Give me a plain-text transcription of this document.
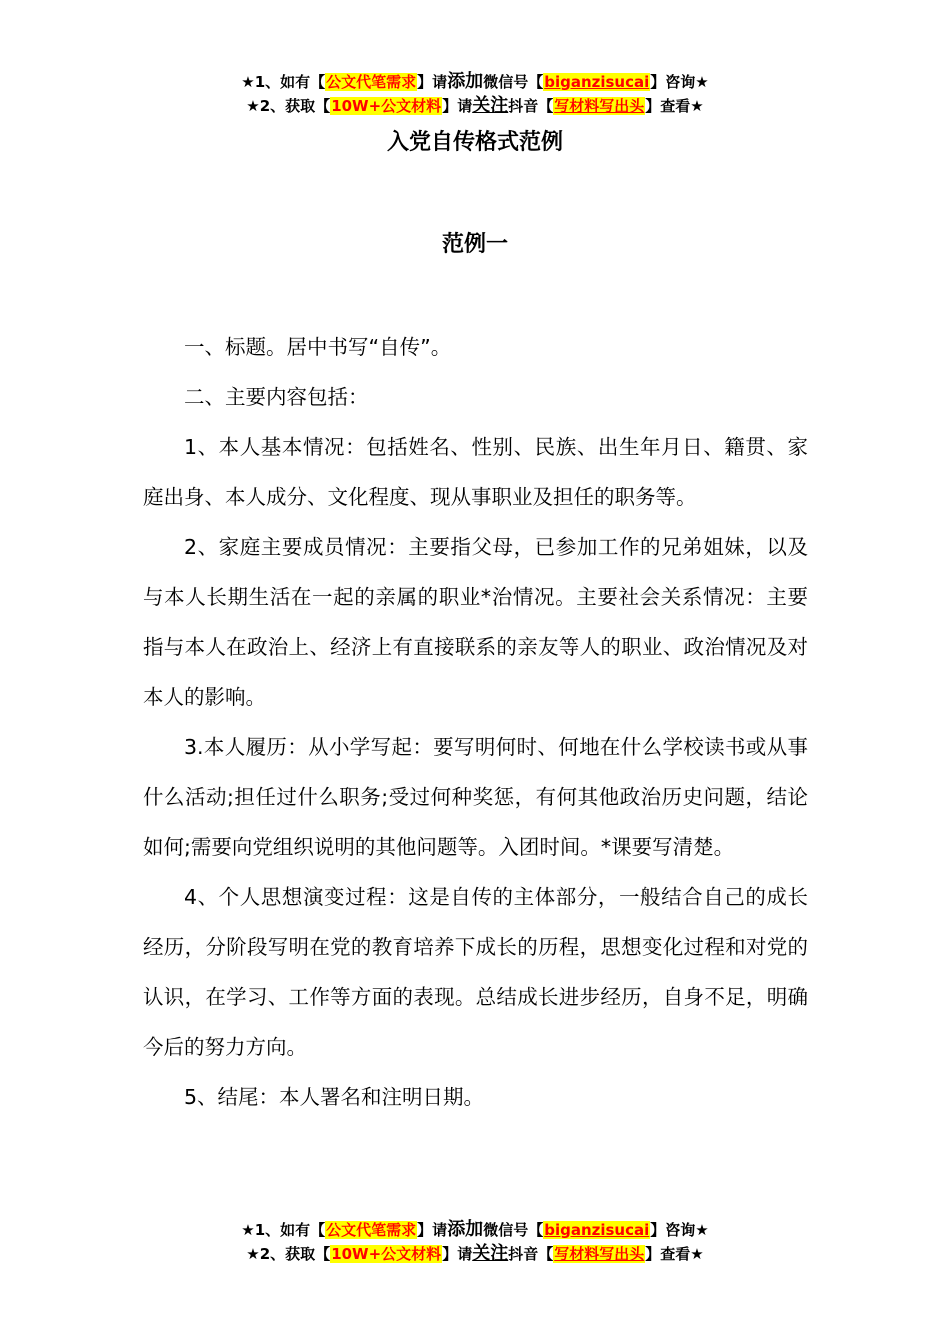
★1、如有【公文代笔需求】请添加微信号【biganzisucai】咨询★
★2、获取【10W+公文材料】请关注抖音【写材料写出头】查看★
入党自传格式范例
范例一

一、标题。居中书写“自传”。

二、主要内容包括：

1、本人基本情况：包括姓名、性别、民族、出生年月日、籍贯、家庭出身、本人成分、文化程度、现从事职业及担任的职务等。

2、家庭主要成员情况：主要指父母，已参加工作的兄弟姐妹，以及与本人长期生活在一起的亲属的职业*治情况。主要社会关系情况：主要指与本人在政治上、经济上有直接联系的亲友等人的职业、政治情况及对本人的影响。

3.本人履历：从小学写起：要写明何时、何地在什么学校读书或从事什么活动;担任过什么职务;受过何种奖惩，有何其他政治历史问题，结论如何;需要向党组织说明的其他问题等。入团时间。*课要写清楚。

4、个人思想演变过程：这是自传的主体部分，一般结合自己的成长经历，分阶段写明在党的教育培养下成长的历程，思想变化过程和对党的认识，在学习、工作等方面的表现。总结成长进步经历，自身不足，明确今后的努力方向。

5、结尾：本人署名和注明日期。

★1、如有【公文代笔需求】请添加微信号【biganzisucai】咨询★
★2、获取【10W+公文材料】请关注抖音【写材料写出头】查看★
